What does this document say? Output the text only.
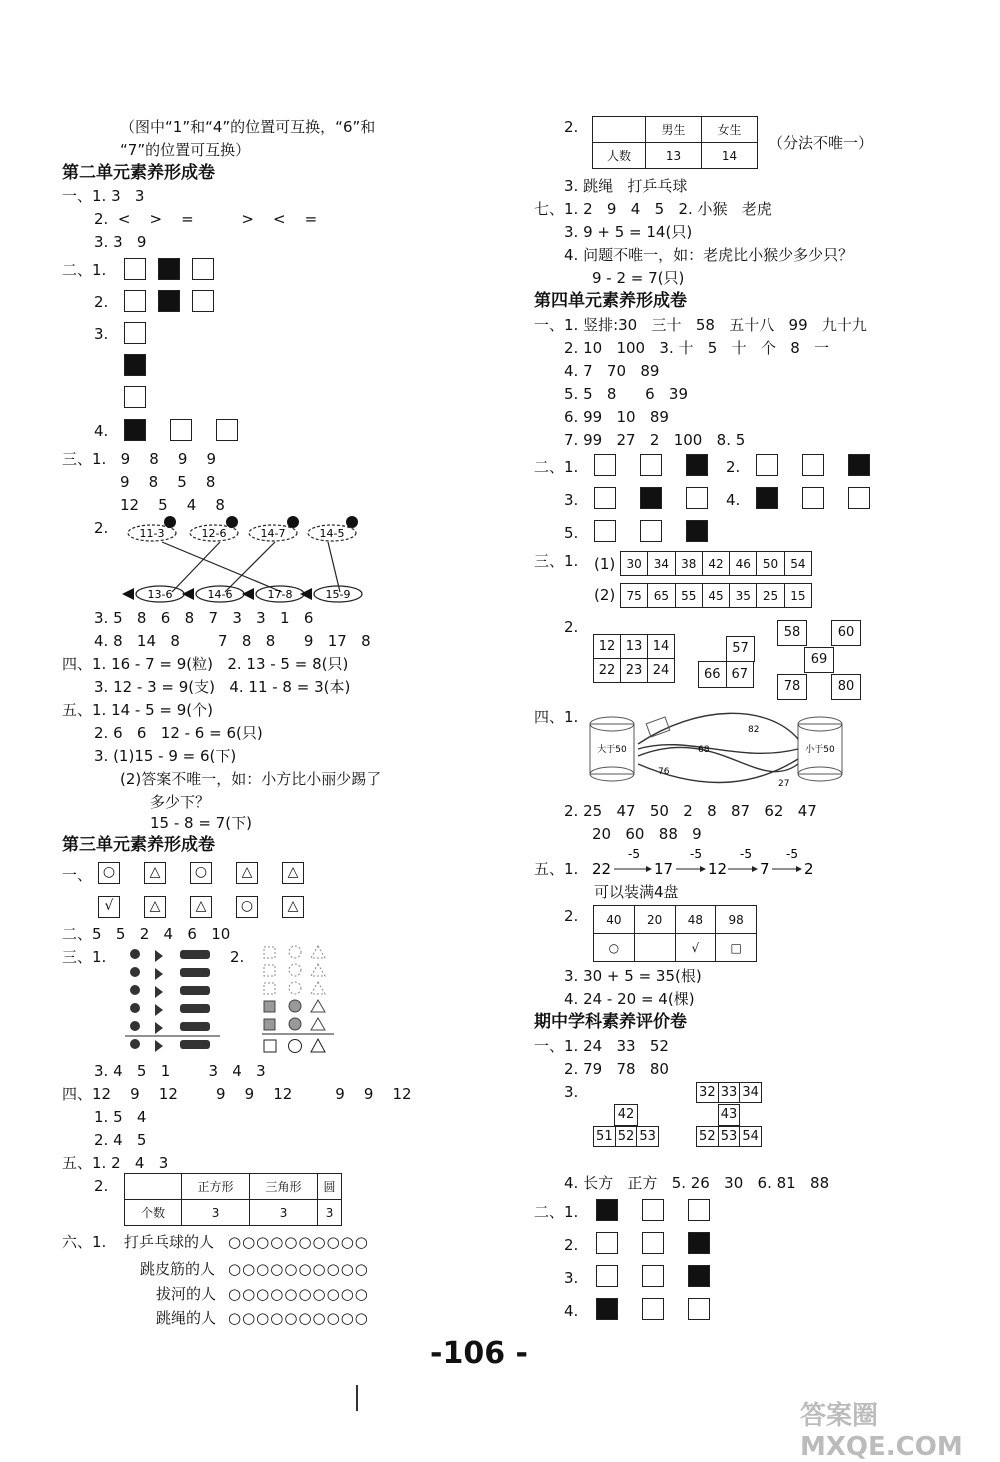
（图中“1”和“4”的位置可互换，“6”和
“7”的位置可互换）
第二单元素养形成卷
一、1. 3   3
2.  <    >    =          >    <    =
3. 3   9
二、1.
2.
3.
4.
三、1.   9    8    9    9
9    8    5    8
12    5    4    8
2.	11-3	12-6	14-7	14-5
13-6	14-6	17-8	15-9
3. 5   8   6   8   7   3   3   1   6
4. 8   14   8        7   8   8      9   17   8
四、1. 16 - 7 = 9(粒)   2. 13 - 5 = 8(只)
3. 12 - 3 = 9(支)   4. 11 - 8 = 3(本)
五、1. 14 - 5 = 9(个)
2. 6   6   12 - 6 = 6(只)
3. (1)15 - 9 = 6(下)
(2)答案不唯一，如：小方比小丽少踢了
多少下？
15 - 8 = 7(下)
第三单元素养形成卷
一、 ○	△	○	△	△
√	△	△	○	△
二、5   5   2   4   6   10
三、1.	2.
3. 4   5   1        3   4   3
四、12    9    12        9    9    12         9    9    12
1. 5   4
2. 4   5
五、1. 2   4   3
2.
		正方形	三角形	圆
个数	3	3	3
六、1. 打乒乓球的人 ○○○○○○○○○○
跳皮筋的人 ○○○○○○○○○○
拔河的人 ○○○○○○○○○○
跳绳的人 ○○○○○○○○○○
2.
		男生	女生
人数	13	14
（分法不唯一）
3. 跳绳   打乒乓球
七、1. 2   9   4   5   2. 小猴   老虎
3. 9 + 5 = 14(只)
4. 问题不唯一，如：老虎比小猴少多少只？
9 - 2 = 7(只)
第四单元素养形成卷
一、1. 竖排:30   三十   58   五十八   99   九十九
2. 10   100   3. 十   5   十   个   8   一
4. 7   70   89
5. 5   8      6   39
6. 99   10   89
7. 99   27   2   100   8. 5
二、1.	2.
3.	4.
5.
三、1. (1) 30	34	38	42	46	50	54
(2) 75	65	55	45	35	25	15
2.
12	13	14
22	23	24
57
66	67
58	60
69
78	80
四、1.
大于50	小于50
82
68
76
27
2. 25   47   50   2   8   87   62   47
20   60   88   9
五、1. 22
-5
17
-5
12
-5
7
-5
2
可以装满4盘
2. 40	20	48	98
○		√	□
3. 30 + 5 = 35(根)
4. 24 - 20 = 4(棵)
期中学科素养评价卷
一、1. 24   33   52
2. 79   78   80
3.
42
51	52	53
32	33	34
43
52	53	54
4. 长方   正方   5. 26   30   6. 81   88
二、1.
2.
3.
4.
-106 -
答案圈 MXQE.COM
